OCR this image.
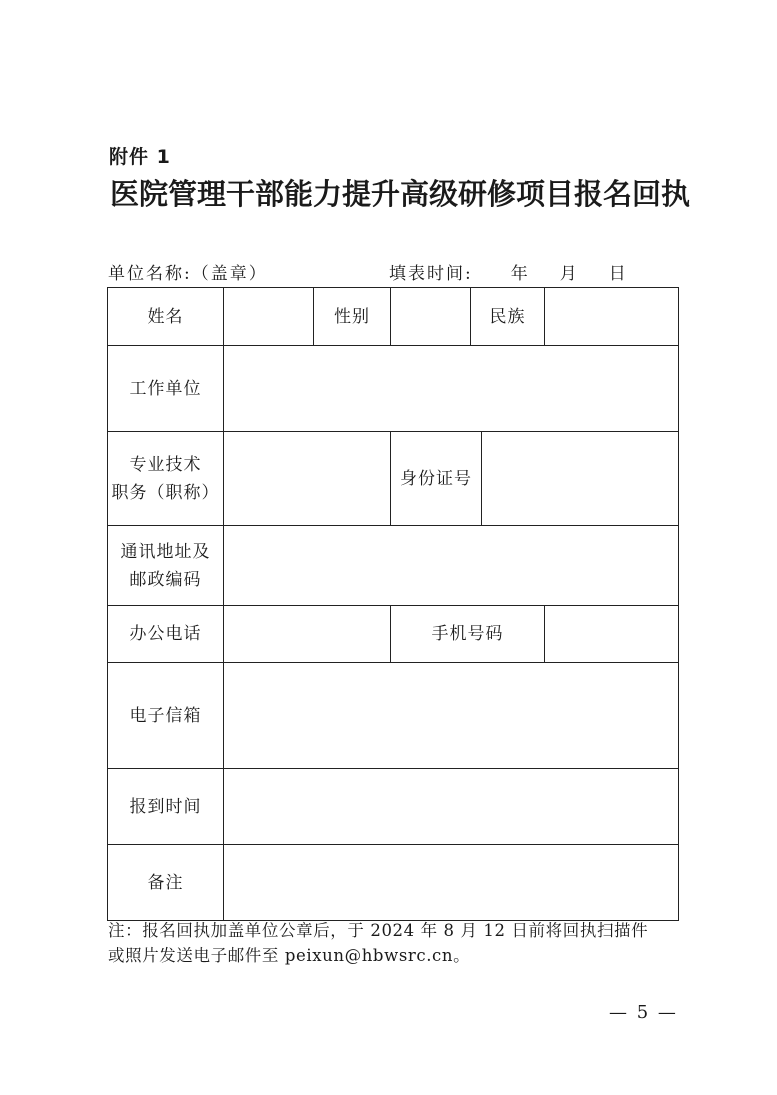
附件 1
医院管理干部能力提升高级研修项目报名回执
单位名称:（盖章）	填表时间: 年 月 日
姓名		性别		民族		
工作单位						

专业技术
职务（职称）			身份证号			

通讯地址及
邮政编码						

办公电话			手机号码			
电子信箱						
报到时间						
备注						
注：报名回执加盖单位公章后，于 2024 年 8 月 12 日前将回执扫描件
或照片发送电子邮件至 peixun@hbwsrc.cn。
— 5 —
